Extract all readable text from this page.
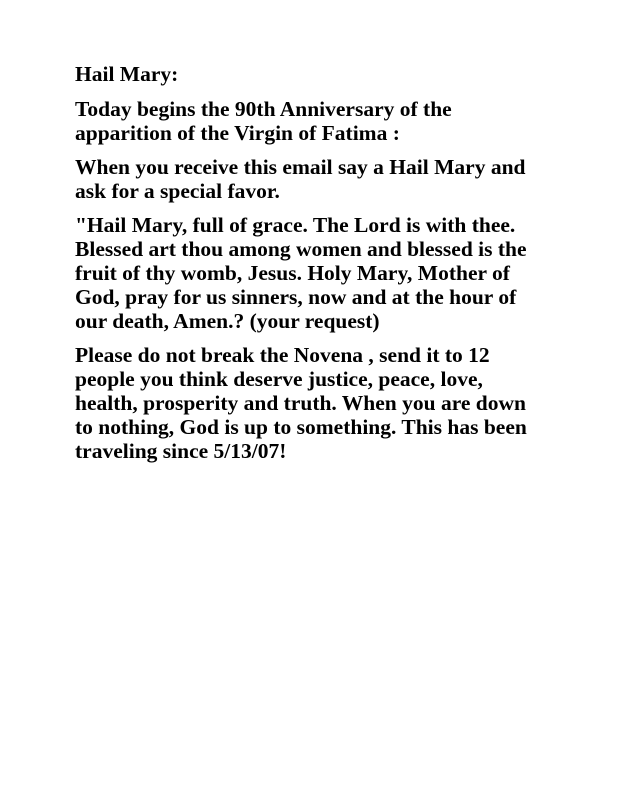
Hail Mary:

Today begins the 90th Anniversary of the
apparition of the Virgin of Fatima :

When you receive this email say a Hail Mary and
ask for a special favor.

"Hail Mary, full of grace. The Lord is with thee.
Blessed art thou among women and blessed is the
fruit of thy womb, Jesus. Holy Mary, Mother of
God, pray for us sinners, now and at the hour of
our death, Amen.? (your request)

Please do not break the Novena , send it to 12
people you think deserve justice, peace, love,
health, prosperity and truth. When you are down
to nothing, God is up to something. This has been
traveling since 5/13/07!
